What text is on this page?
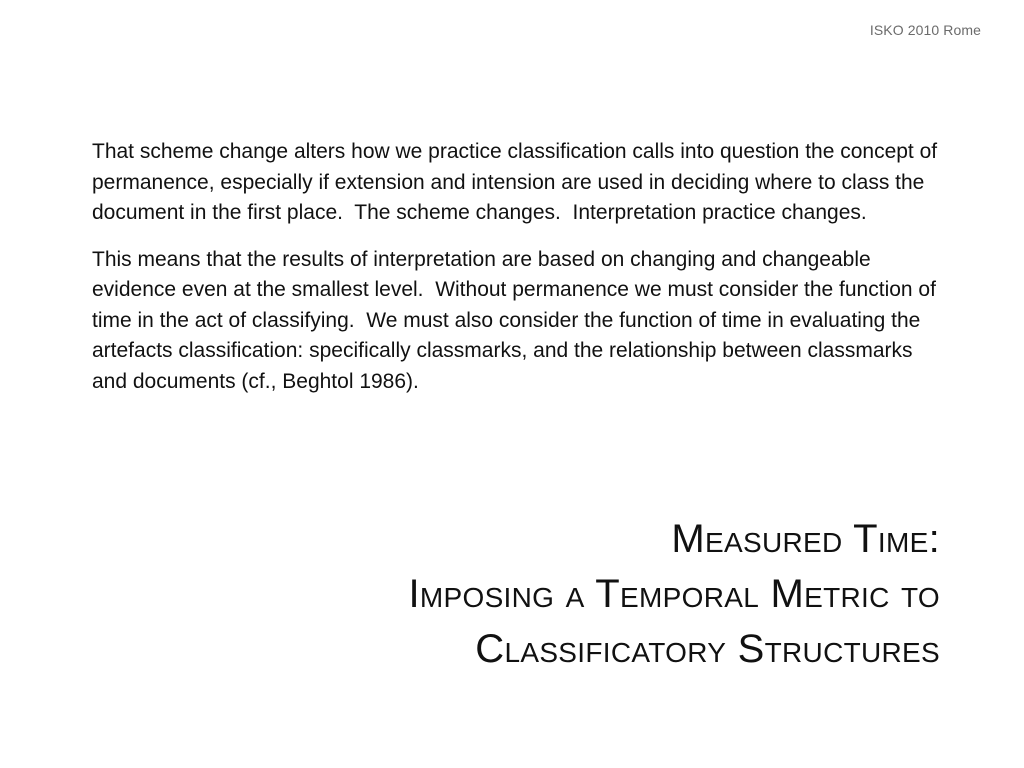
ISKO 2010 Rome

That scheme change alters how we practice classification calls into question the concept of permanence, especially if extension and intension are used in deciding where to class the document in the first place.  The scheme changes.  Interpretation practice changes.

This means that the results of interpretation are based on changing and changeable evidence even at the smallest level.  Without permanence we must consider the function of time in the act of classifying.  We must also consider the function of time in evaluating the artefacts classification: specifically classmarks, and the relationship between classmarks and documents (cf., Beghtol 1986).

Measured Time:
Imposing a Temporal Metric to
Classificatory Structures
